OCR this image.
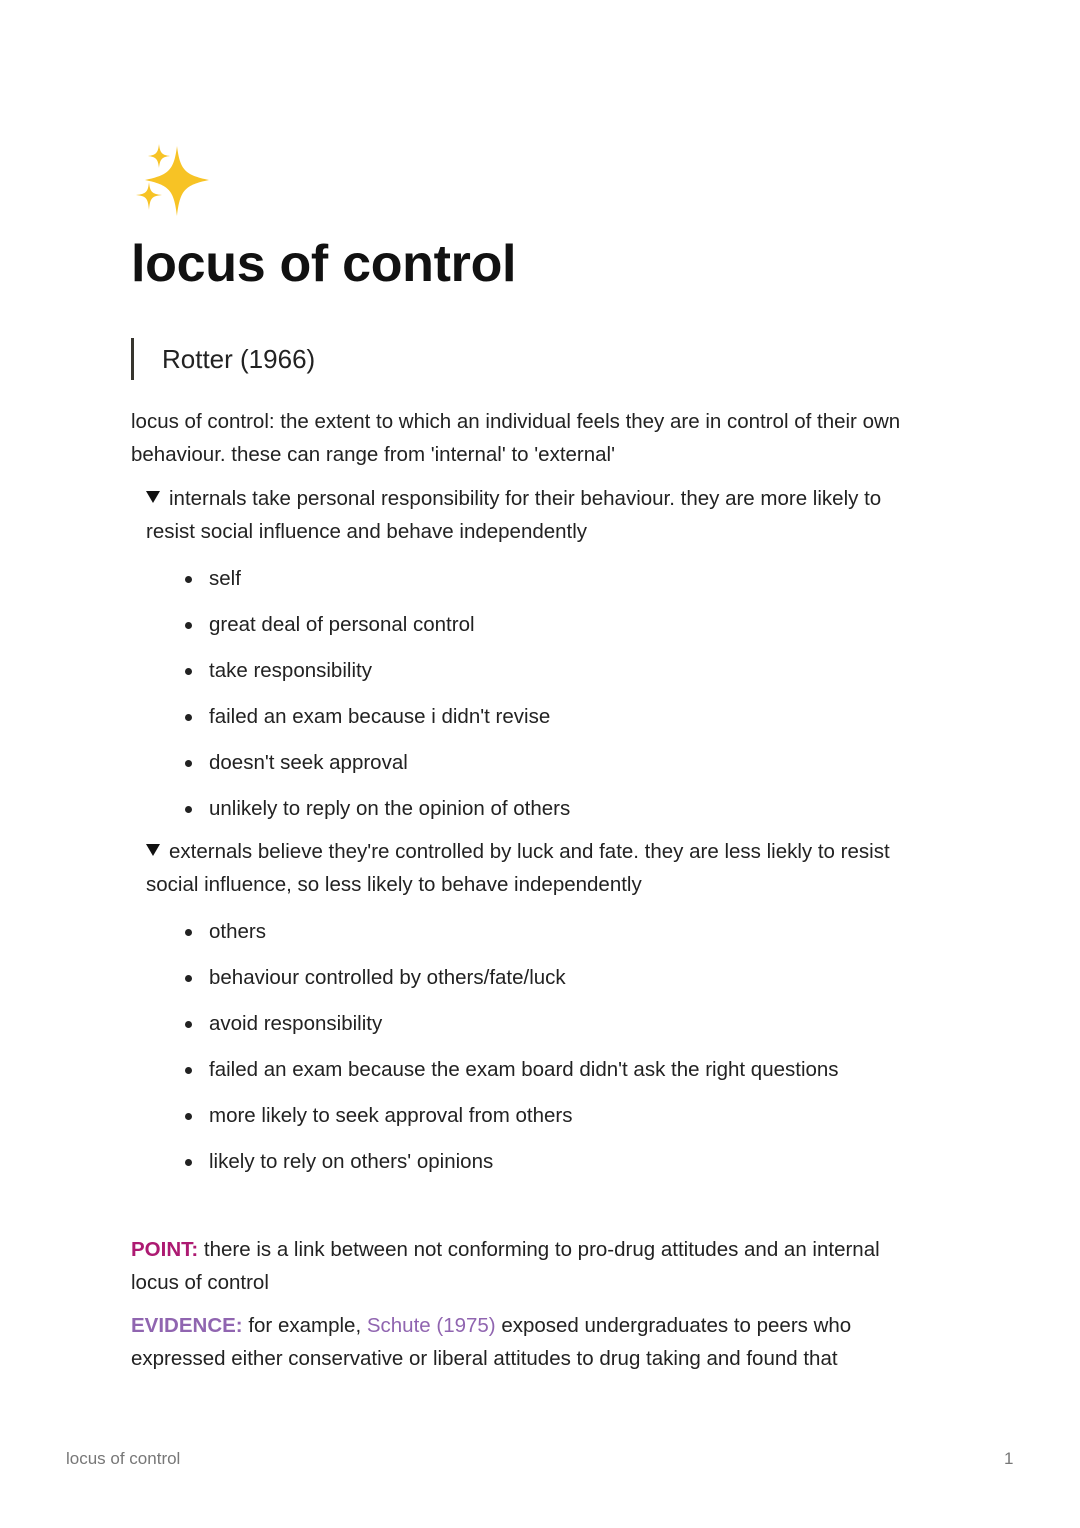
locus of control
Rotter (1966)

locus of control: the extent to which an individual feels they are in control of their own
behaviour. these can range from 'internal' to 'external'

internals take personal responsibility for their behaviour. they are more likely to
resist social influence and behave independently

self
great deal of personal control
take responsibility
failed an exam because i didn't revise
doesn't seek approval
unlikely to reply on the opinion of others

externals believe they're controlled by luck and fate. they are less liekly to resist
social influence, so less likely to behave independently

others
behaviour controlled by others/fate/luck
avoid responsibility
failed an exam because the exam board didn't ask the right questions
more likely to seek approval from others
likely to rely on others' opinions

POINT: there is a link between not conforming to pro-drug attitudes and an internal
locus of control

EVIDENCE: for example, Schute (1975) exposed undergraduates to peers who
expressed either conservative or liberal attitudes to drug taking and found that

locus of control	1
